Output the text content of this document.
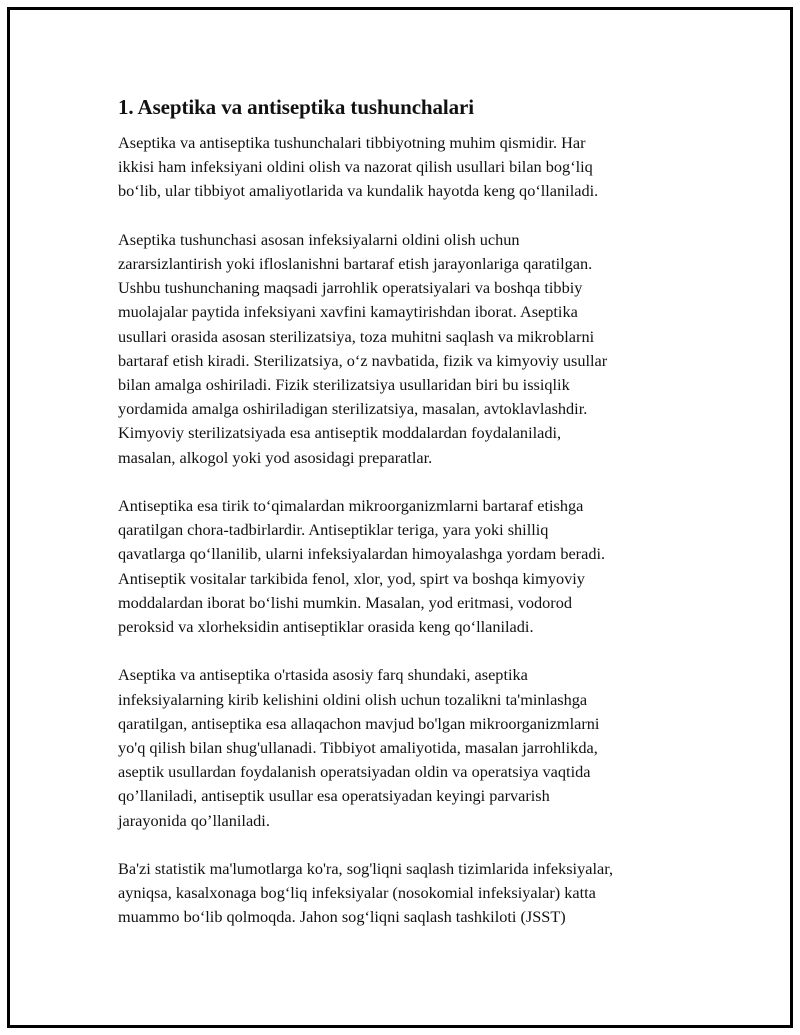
1. Aseptika va antiseptika tushunchalari

Aseptika va antiseptika tushunchalari tibbiyotning muhim qismidir. Har
ikkisi ham infeksiyani oldini olish va nazorat qilish usullari bilan bog‘liq
bo‘lib, ular tibbiyot amaliyotlarida va kundalik hayotda keng qo‘llaniladi.

Aseptika tushunchasi asosan infeksiyalarni oldini olish uchun
zararsizlantirish yoki ifloslanishni bartaraf etish jarayonlariga qaratilgan.
Ushbu tushunchaning maqsadi jarrohlik operatsiyalari va boshqa tibbiy
muolajalar paytida infeksiyani xavfini kamaytirishdan iborat. Aseptika
usullari orasida asosan sterilizatsiya, toza muhitni saqlash va mikroblarni
bartaraf etish kiradi. Sterilizatsiya, o‘z navbatida, fizik va kimyoviy usullar
bilan amalga oshiriladi. Fizik sterilizatsiya usullaridan biri bu issiqlik
yordamida amalga oshiriladigan sterilizatsiya, masalan, avtoklavlashdir.
Kimyoviy sterilizatsiyada esa antiseptik moddalardan foydalaniladi,
masalan, alkogol yoki yod asosidagi preparatlar.

Antiseptika esa tirik to‘qimalardan mikroorganizmlarni bartaraf etishga
qaratilgan chora-tadbirlardir. Antiseptiklar teriga, yara yoki shilliq
qavatlarga qo‘llanilib, ularni infeksiyalardan himoyalashga yordam beradi.
Antiseptik vositalar tarkibida fenol, xlor, yod, spirt va boshqa kimyoviy
moddalardan iborat bo‘lishi mumkin. Masalan, yod eritmasi, vodorod
peroksid va xlorheksidin antiseptiklar orasida keng qo‘llaniladi.

Aseptika va antiseptika o'rtasida asosiy farq shundaki, aseptika
infeksiyalarning kirib kelishini oldini olish uchun tozalikni ta'minlashga
qaratilgan, antiseptika esa allaqachon mavjud bo'lgan mikroorganizmlarni
yo'q qilish bilan shug'ullanadi. Tibbiyot amaliyotida, masalan jarrohlikda,
aseptik usullardan foydalanish operatsiyadan oldin va operatsiya vaqtida
qo’llaniladi, antiseptik usullar esa operatsiyadan keyingi parvarish
jarayonida qo’llaniladi.

Ba'zi statistik ma'lumotlarga ko'ra, sog'liqni saqlash tizimlarida infeksiyalar,
ayniqsa, kasalxonaga bog‘liq infeksiyalar (nosokomial infeksiyalar) katta
muammo bo‘lib qolmoqda. Jahon sog‘liqni saqlash tashkiloti (JSST)
